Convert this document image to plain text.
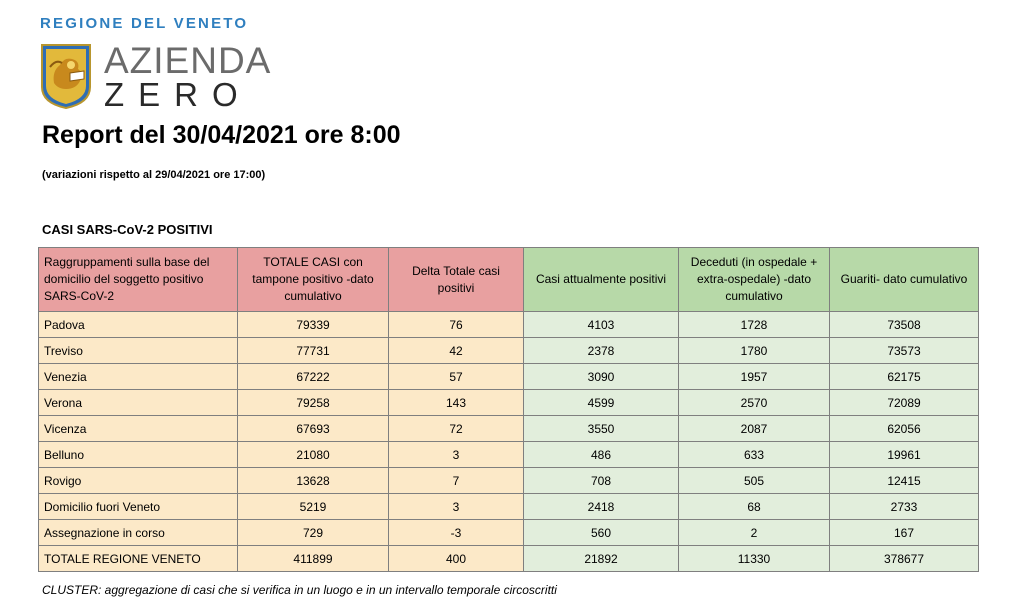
REGIONE DEL VENETO
AZIENDA
ZERO
Report del 30/04/2021 ore 8:00
(variazioni rispetto al 29/04/2021 ore 17:00)
CASI SARS-CoV-2 POSITIVI
Raggruppamenti sulla base del domicilio del soggetto positivo SARS-CoV-2	TOTALE CASI con tampone positivo -dato cumulativo	Delta Totale casi positivi	Casi attualmente positivi	Deceduti (in ospedale + extra-ospedale) -dato cumulativo	Guariti- dato cumulativo
Padova	79339	76	4103	1728	73508
Treviso	77731	42	2378	1780	73573
Venezia	67222	57	3090	1957	62175
Verona	79258	143	4599	2570	72089
Vicenza	67693	72	3550	2087	62056
Belluno	21080	3	486	633	19961
Rovigo	13628	7	708	505	12415
Domicilio fuori Veneto	5219	3	2418	68	2733
Assegnazione in corso	729	-3	560	2	167
TOTALE REGIONE VENETO	411899	400	21892	11330	378677
CLUSTER: aggregazione di casi che si verifica in un luogo e in un intervallo temporale circoscritti
